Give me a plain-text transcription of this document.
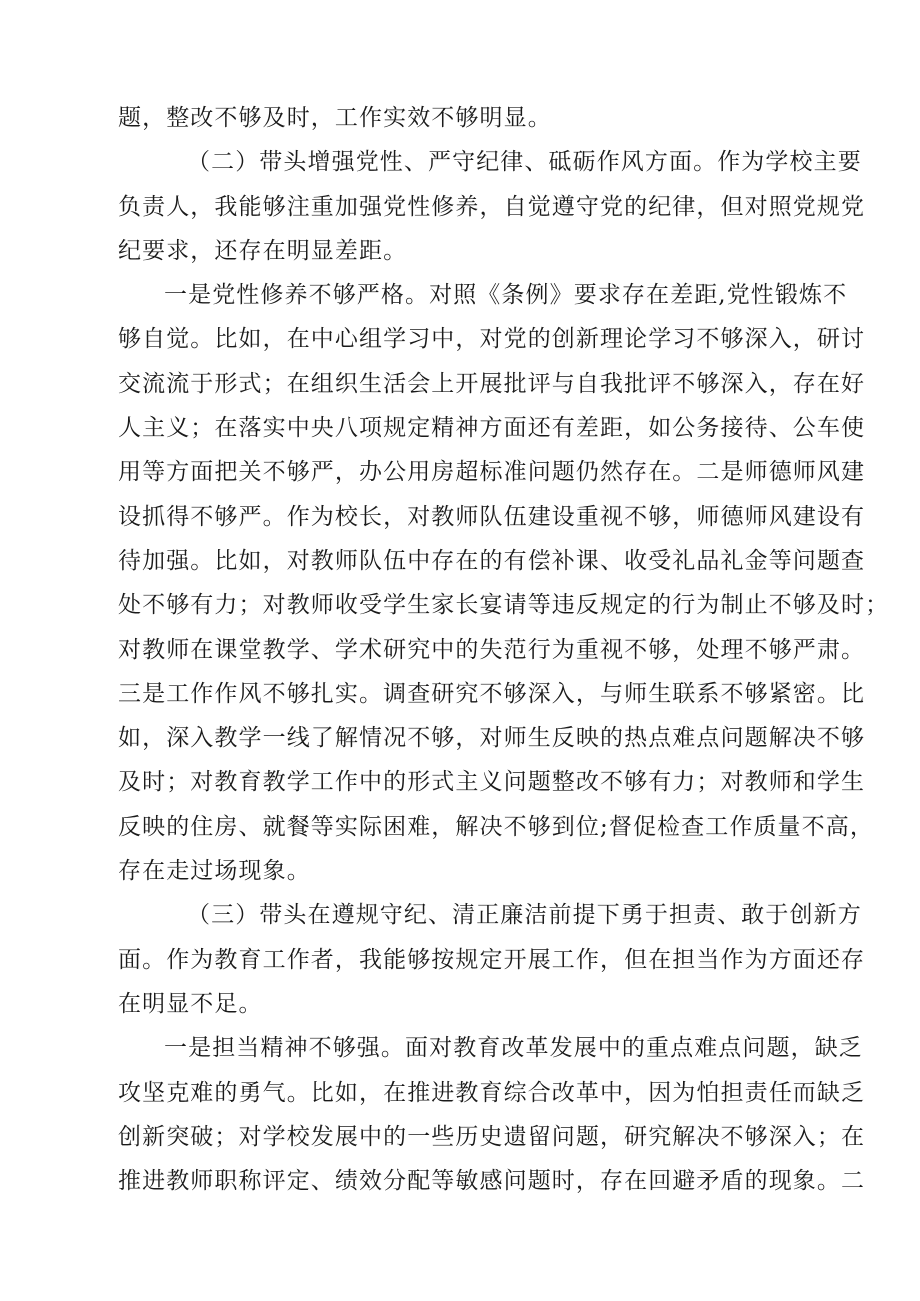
题，整改不够及时，工作实效不够明显。
（二）带头增强党性、严守纪律、砥砺作风方面。作为学校主要
负责人，我能够注重加强党性修养，自觉遵守党的纪律，但对照党规党
纪要求，还存在明显差距。
一是党性修养不够严格。对照《条例》要求存在差距,党性锻炼不
够自觉。比如，在中心组学习中，对党的创新理论学习不够深入，研讨
交流流于形式；在组织生活会上开展批评与自我批评不够深入，存在好
人主义；在落实中央八项规定精神方面还有差距，如公务接待、公车使
用等方面把关不够严，办公用房超标准问题仍然存在。二是师德师风建
设抓得不够严。作为校长，对教师队伍建设重视不够，师德师风建设有
待加强。比如，对教师队伍中存在的有偿补课、收受礼品礼金等问题查
处不够有力；对教师收受学生家长宴请等违反规定的行为制止不够及时；
对教师在课堂教学、学术研究中的失范行为重视不够，处理不够严肃。
三是工作作风不够扎实。调查研究不够深入，与师生联系不够紧密。比
如，深入教学一线了解情况不够，对师生反映的热点难点问题解决不够
及时；对教育教学工作中的形式主义问题整改不够有力；对教师和学生
反映的住房、就餐等实际困难，解决不够到位;督促检查工作质量不高，
存在走过场现象。
（三）带头在遵规守纪、清正廉洁前提下勇于担责、敢于创新方
面。作为教育工作者，我能够按规定开展工作，但在担当作为方面还存
在明显不足。
一是担当精神不够强。面对教育改革发展中的重点难点问题，缺乏
攻坚克难的勇气。比如，在推进教育综合改革中，因为怕担责任而缺乏
创新突破；对学校发展中的一些历史遗留问题，研究解决不够深入；在
推进教师职称评定、绩效分配等敏感问题时，存在回避矛盾的现象。二
